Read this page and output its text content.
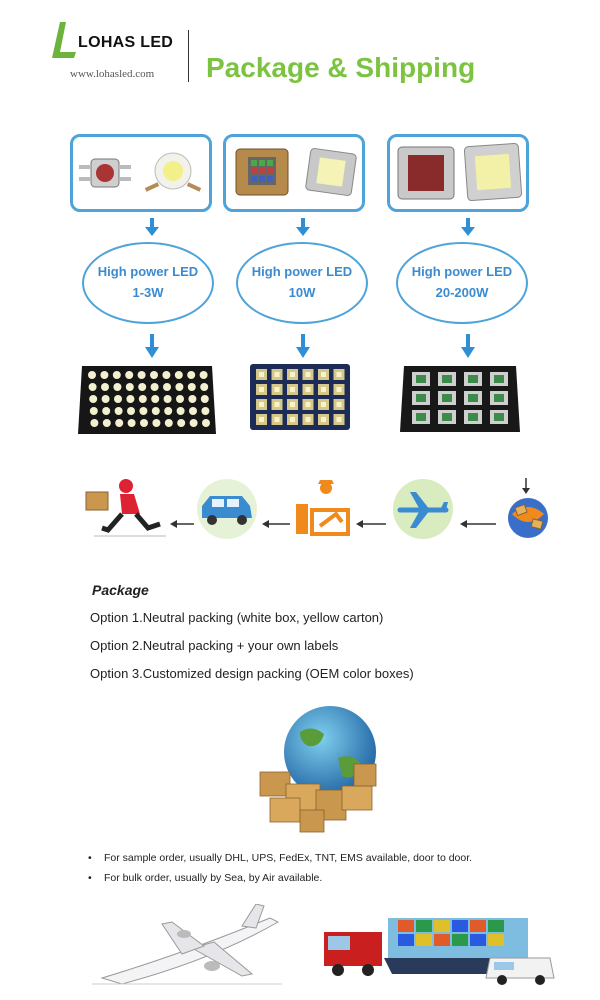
LOHAS LED
www.lohasled.com Package & Shipping
High power LED
1-3W
High power LED
10W
High power LED
20-200W
Package
Option 1.Neutral packing (white box, yellow carton)
Option 2.Neutral packing + your own labels
Option 3.Customized design packing (OEM color boxes)
• For sample order, usually DHL, UPS, FedEx, TNT, EMS available, door to door.
• For bulk order, usually by Sea, by Air available.
